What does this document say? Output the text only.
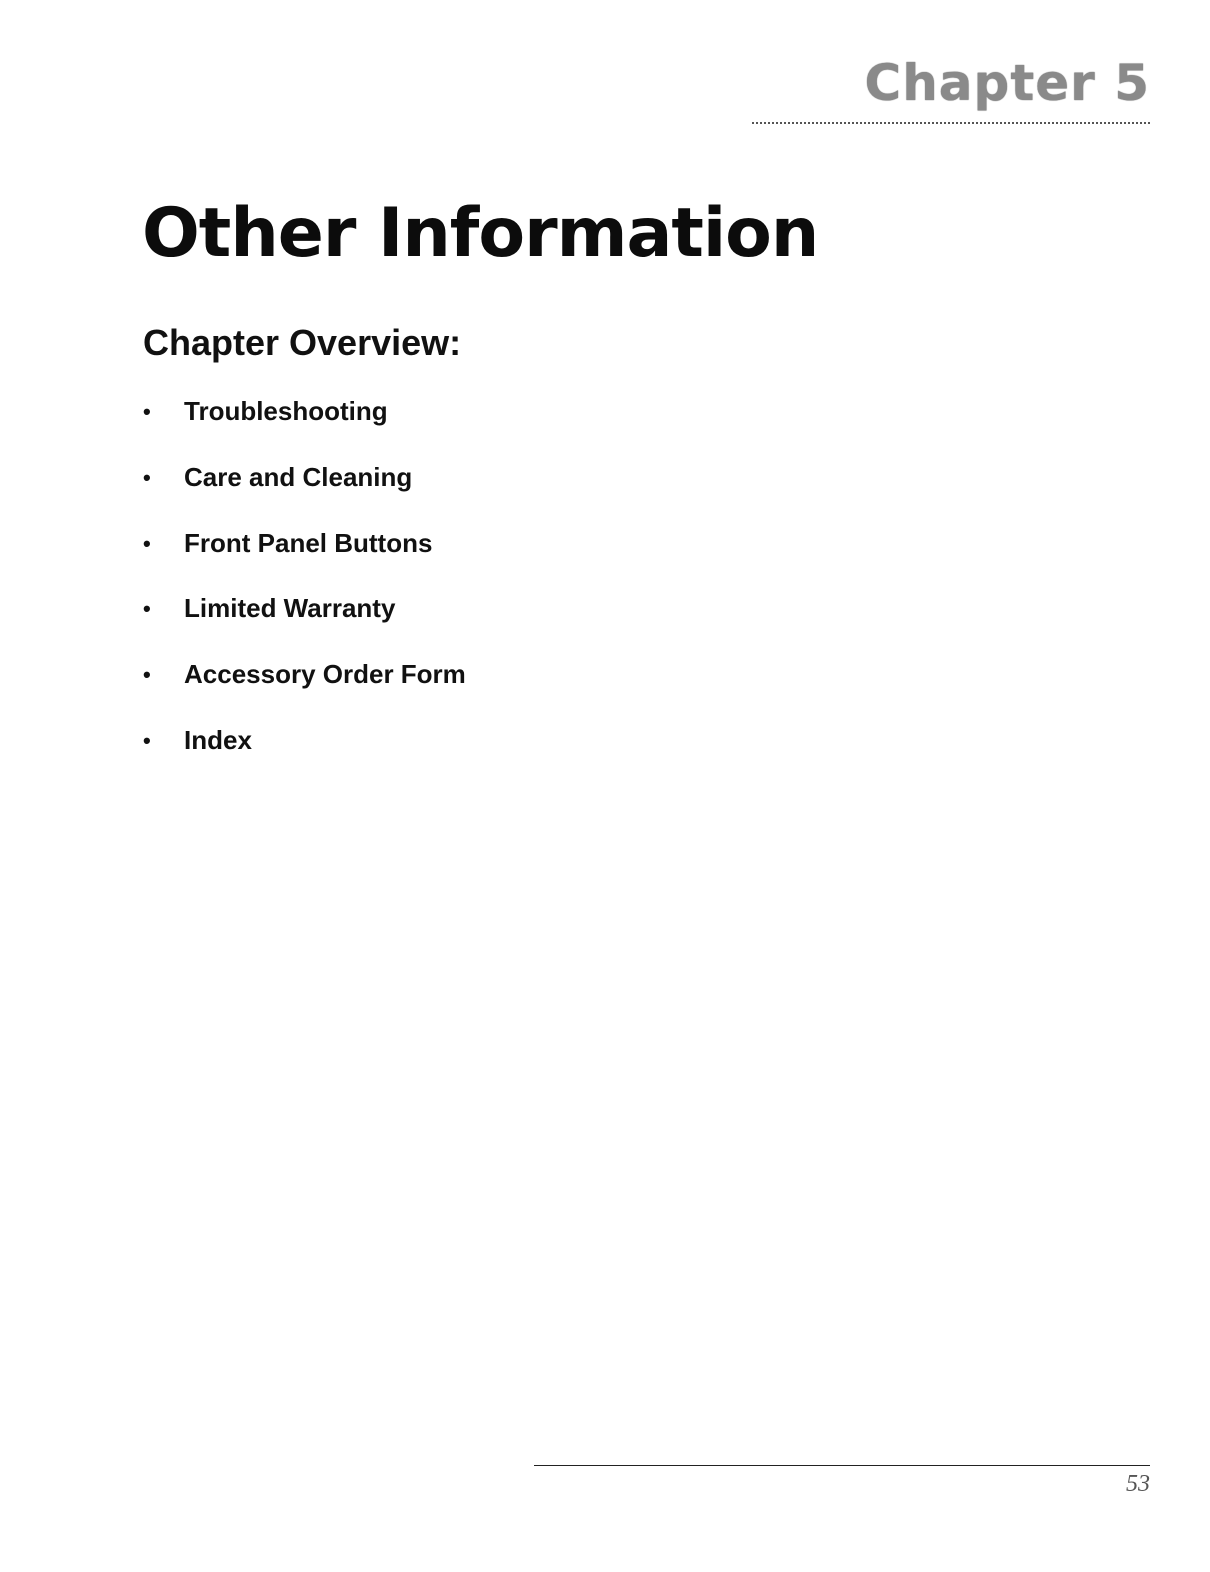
Chapter 5
Other Information
Chapter Overview:
•	Troubleshooting
•	Care and Cleaning
•	Front Panel Buttons
•	Limited Warranty
•	Accessory Order Form
•	Index
53
